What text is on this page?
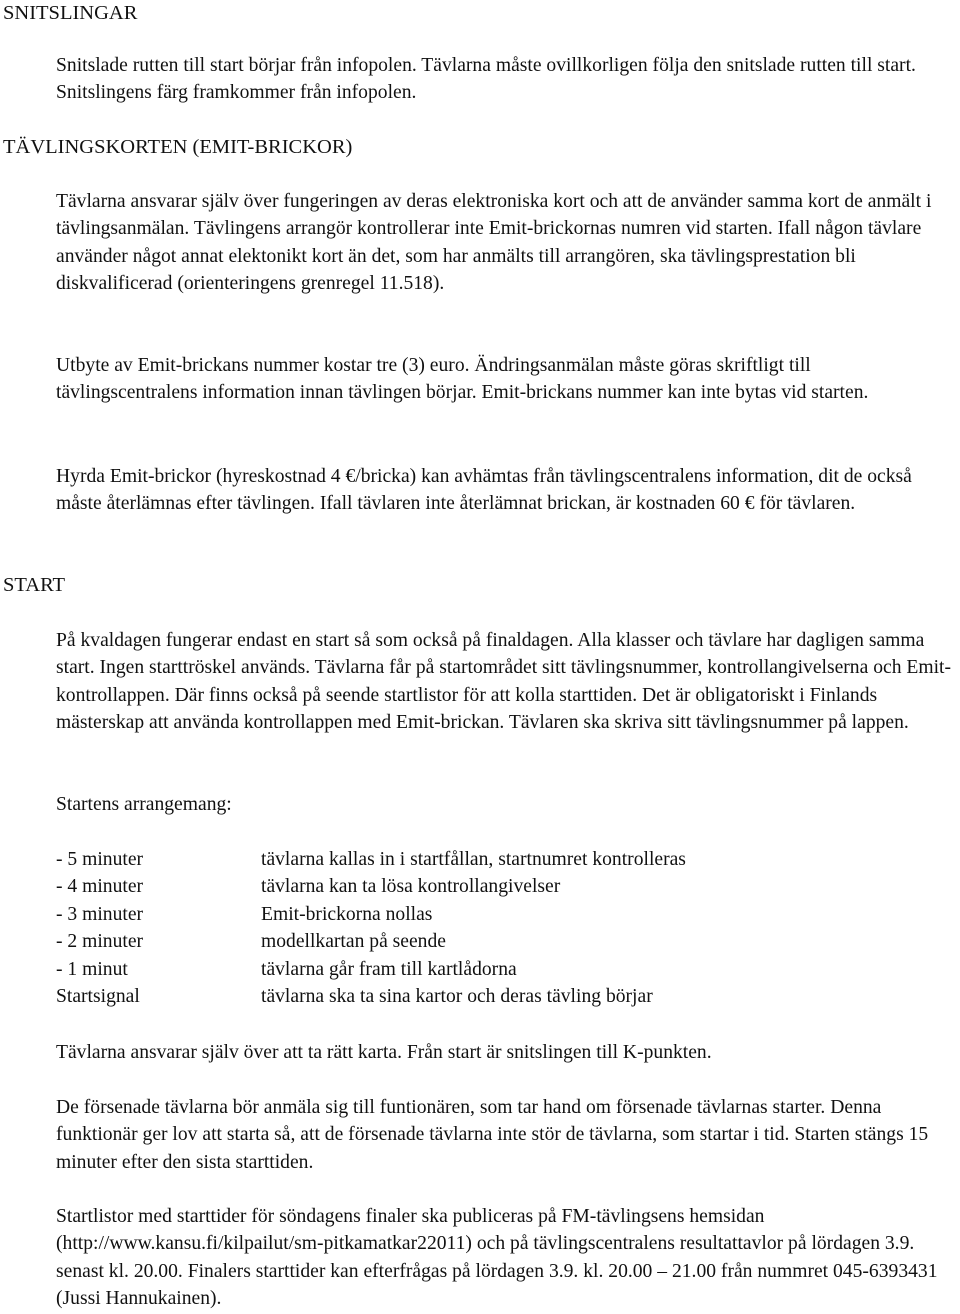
SNITSLINGAR

Snitslade rutten till start börjar från infopolen. Tävlarna måste ovillkorligen följa den snitslade rutten till start. Snitslingens färg framkommer från infopolen.

TÄVLINGSKORTEN (EMIT-BRICKOR)

Tävlarna ansvarar själv över fungeringen av deras elektroniska kort och att de använder samma kort de anmält i tävlingsanmälan. Tävlingens arrangör kontrollerar inte Emit-brickornas numren vid starten. Ifall någon tävlare använder något annat elektonikt kort än det, som har anmälts till arrangören, ska tävlingsprestation bli diskvalificerad (orienteringens grenregel 11.518).

Utbyte av Emit-brickans nummer kostar tre (3) euro. Ändringsanmälan måste göras skriftligt till tävlingscentralens information innan tävlingen börjar. Emit-brickans nummer kan inte bytas vid starten.

Hyrda Emit-brickor (hyreskostnad 4 €/bricka) kan avhämtas från tävlingscentralens information, dit de också måste återlämnas efter tävlingen. Ifall tävlaren inte återlämnat brickan, är kostnaden 60 € för tävlaren.

START

På kvaldagen fungerar endast en start så som också på finaldagen. Alla klasser och tävlare har dagligen samma start. Ingen starttröskel används. Tävlarna får på startområdet sitt tävlingsnummer, kontrollangivelserna och Emit-kontrollappen. Där finns också på seende startlistor för att kolla starttiden. Det är obligatoriskt i Finlands mästerskap att använda kontrollappen med Emit-brickan. Tävlaren ska skriva sitt tävlingsnummer på lappen.

Startens arrangemang:

- 5 minuter	tävlarna kallas in i startfållan, startnumret kontrolleras
- 4 minuter	tävlarna kan ta lösa kontrollangivelser
- 3 minuter	Emit-brickorna nollas
- 2 minuter	modellkartan på seende
- 1 minut	tävlarna går fram till kartlådorna
Startsignal	tävlarna ska ta sina kartor och deras tävling börjar

Tävlarna ansvarar själv över att ta rätt karta. Från start är snitslingen till K-punkten.

De försenade tävlarna bör anmäla sig till funtionären, som tar hand om försenade tävlarnas starter. Denna funktionär ger lov att starta så, att de försenade tävlarna inte stör de tävlarna, som startar i tid. Starten stängs 15 minuter efter den sista starttiden.

Startlistor med starttider för söndagens finaler ska publiceras på FM-tävlingsens hemsidan (http://www.kansu.fi/kilpailut/sm-pitkamatkar22011) och på tävlingscentralens resultattavlor på lördagen 3.9. senast kl. 20.00. Finalers starttider kan efterfrågas på lördagen 3.9. kl. 20.00 – 21.00 från nummret 045-6393431 (Jussi Hannukainen).
